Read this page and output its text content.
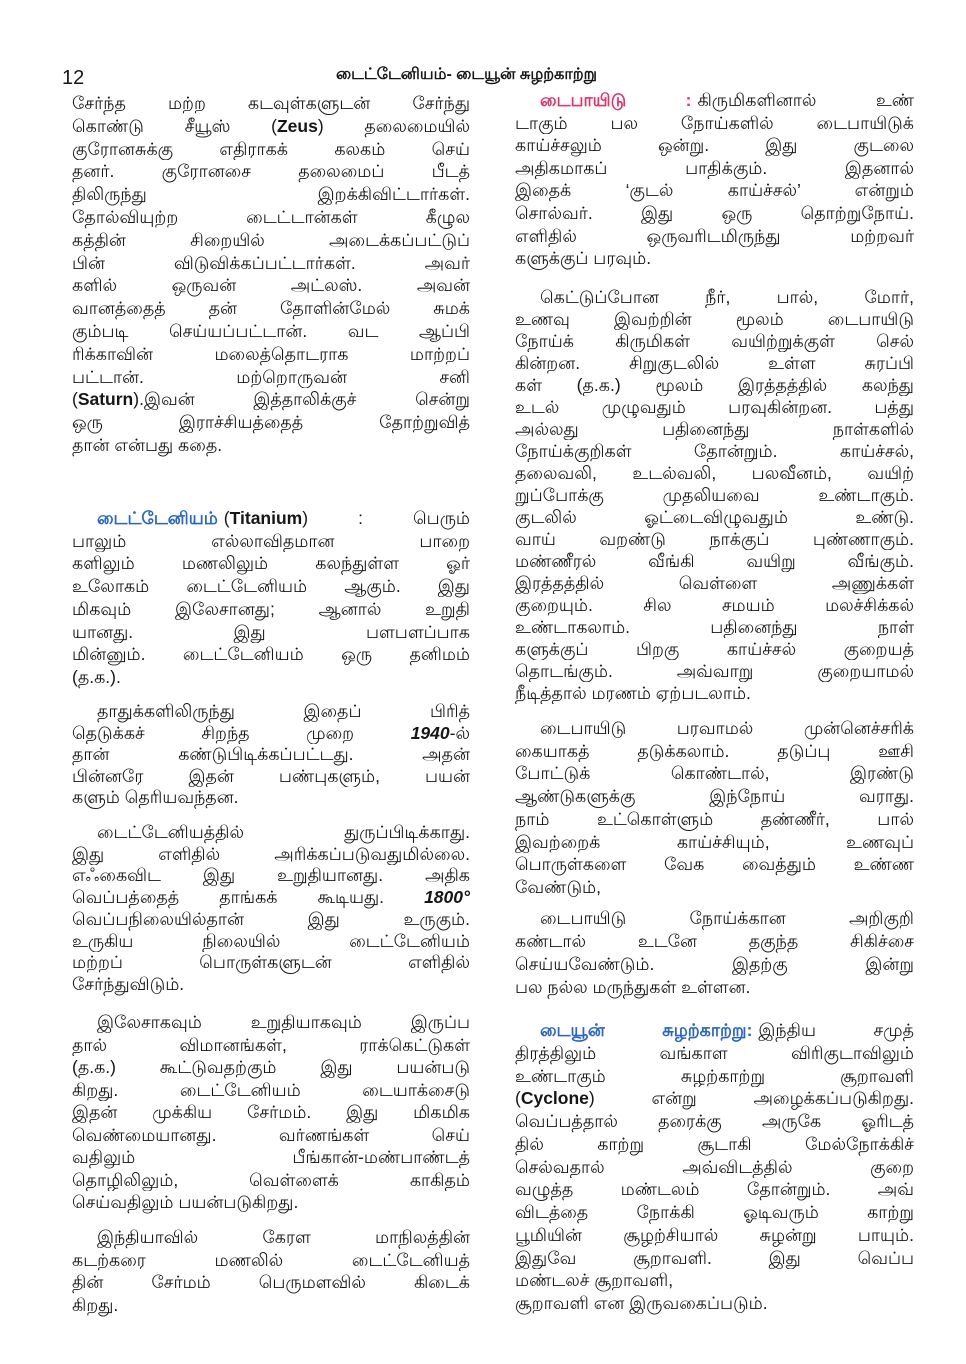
12	டைட்டேனியம்- டையூன் சுழற்காற்று
சேர்ந்த மற்ற கடவுள்களுடன் சேர்ந்து
கொண்டு சீயூஸ் (Zeus) தலைமையில்
குரோனசுக்கு எதிராகக் கலகம் செய்
தனர். குரோனசை தலைமைப் பீடத்
திலிருந்து இறக்கிவிட்டார்கள்.
தோல்வியுற்ற டைட்டான்கள் கீழுல
கத்தின் சிறையில் அடைக்கப்பட்டுப்
பின் விடுவிக்கப்பட்டார்கள். அவர்
களில் ஒருவன் அட்லஸ். அவன்
வானத்தைத் தன் தோளின்மேல் சுமக்
கும்படி செய்யப்பட்டான். வட ஆப்பி
ரிக்காவின் மலைத்தொடராக மாற்றப்
பட்டான். மற்றொருவன் சனி
(Saturn).இவன் இத்தாலிக்குச் சென்று
ஒரு இராச்சியத்தைத் தோற்றுவித்
தான் என்பது கதை.
டைட்டேனியம் (Titanium) : பெரும்
பாலும் எல்லாவிதமான பாறை
களிலும் மணலிலும் கலந்துள்ள ஓர்
உலோகம் டைட்டேனியம் ஆகும். இது
மிகவும் இலேசானது; ஆனால் உறுதி
யானது. இது பளபளப்பாக
மின்னும். டைட்டேனியம் ஒரு தனிமம்
(த.க.).
தாதுக்களிலிருந்து இதைப் பிரித்
தெடுக்கச் சிறந்த முறை 1940-ல்
தான் கண்டுபிடிக்கப்பட்டது. அதன்
பின்னரே இதன் பண்புகளும், பயன்
களும் தெரியவந்தன.
டைட்டேனியத்தில் துருப்பிடிக்காது.
இது எளிதில் அரிக்கப்படுவதுமில்லை.
எஃகைவிட இது உறுதியானது. அதிக
வெப்பத்தைத் தாங்கக் கூடியது. 1800°
வெப்பநிலையில்தான் இது உருகும்.
உருகிய நிலையில் டைட்டேனியம்
மற்றப் பொருள்களுடன் எளிதில்
சேர்ந்துவிடும்.
இலேசாகவும் உறுதியாகவும் இருப்ப
தால் விமானங்கள், ராக்கெட்டுகள்
(த.க.) கூட்டுவதற்கும் இது பயன்படு
கிறது. டைட்டேனியம் டையாக்சைடு
இதன் முக்கிய சேர்மம். இது மிகமிக
வெண்மையானது. வர்ணங்கள் செய்
வதிலும் பீங்கான்-மண்பாண்டத்
தொழிலிலும், வெள்ளைக் காகிதம்
செய்வதிலும் பயன்படுகிறது.
இந்தியாவில் கேரள மாநிலத்தின்
கடற்கரை மணலில் டைட்டேனியத்
தின் சேர்மம் பெருமளவில் கிடைக்
கிறது.
டைபாயிடு : கிருமிகளினால் உண்
டாகும் பல நோய்களில் டைபாயிடுக்
காய்ச்சலும் ஒன்று. இது குடலை
அதிகமாகப் பாதிக்கும். இதனால்
இதைக் ‘குடல் காய்ச்சல்’ என்றும்
சொல்வர். இது ஒரு தொற்றுநோய்.
எளிதில் ஒருவரிடமிருந்து மற்றவர்
களுக்குப் பரவும்.
கெட்டுப்போன நீர், பால், மோர்,
உணவு இவற்றின் மூலம் டைபாயிடு
நோய்க் கிருமிகள் வயிற்றுக்குள் செல்
கின்றன. சிறுகுடலில் உள்ள சுரப்பி
கள் (த.க.) மூலம் இரத்தத்தில் கலந்து
உடல் முழுவதும் பரவுகின்றன. பத்து
அல்லது பதினைந்து நாள்களில்
நோய்க்குறிகள் தோன்றும். காய்ச்சல்,
தலைவலி, உடல்வலி, பலவீனம், வயிற்
றுப்போக்கு முதலியவை உண்டாகும்.
குடலில் ஓட்டைவிழுவதும் உண்டு.
வாய் வறண்டு நாக்குப் புண்ணாகும்.
மண்ணீரல் வீங்கி வயிறு வீங்கும்.
இரத்தத்தில் வெள்ளை அணுக்கள்
குறையும். சில சமயம் மலச்சிக்கல்
உண்டாகலாம். பதினைந்து நாள்
களுக்குப் பிறகு காய்ச்சல் குறையத்
தொடங்கும். அவ்வாறு குறையாமல்
நீடித்தால் மரணம் ஏற்படலாம்.
டைபாயிடு பரவாமல் முன்னெச்சரிக்
கையாகத் தடுக்கலாம். தடுப்பு ஊசி
போட்டுக் கொண்டால், இரண்டு
ஆண்டுகளுக்கு இந்நோய் வராது.
நாம் உட்கொள்ளும் தண்ணீர், பால்
இவற்றைக் காய்ச்சியும், உணவுப்
பொருள்களை வேக வைத்தும் உண்ண
வேண்டும்,
டைபாயிடு நோய்க்கான அறிகுறி
கண்டால் உடனே தகுந்த சிகிச்சை
செய்யவேண்டும். இதற்கு இன்று
பல நல்ல மருந்துகள் உள்ளன.
டையூன் சுழற்காற்று: இந்திய சமுத்
திரத்திலும் வங்காள விரிகுடாவிலும்
உண்டாகும் சுழற்காற்று சூறாவளி
(Cyclone) என்று அழைக்கப்படுகிறது.
வெப்பத்தால் தரைக்கு அருகே ஓரிடத்
தில் காற்று சூடாகி மேல்நோக்கிச்
செல்வதால் அவ்விடத்தில் குறை
வழுத்த மண்டலம் தோன்றும். அவ்
விடத்தை நோக்கி ஓடிவரும் காற்று
பூமியின் சூழற்சியால் சுழன்று பாயும்.
இதுவே சூறாவளி. இது வெப்ப
மண்டலச் சூறாவளி,
சூறாவளி என இருவகைப்படும்.
